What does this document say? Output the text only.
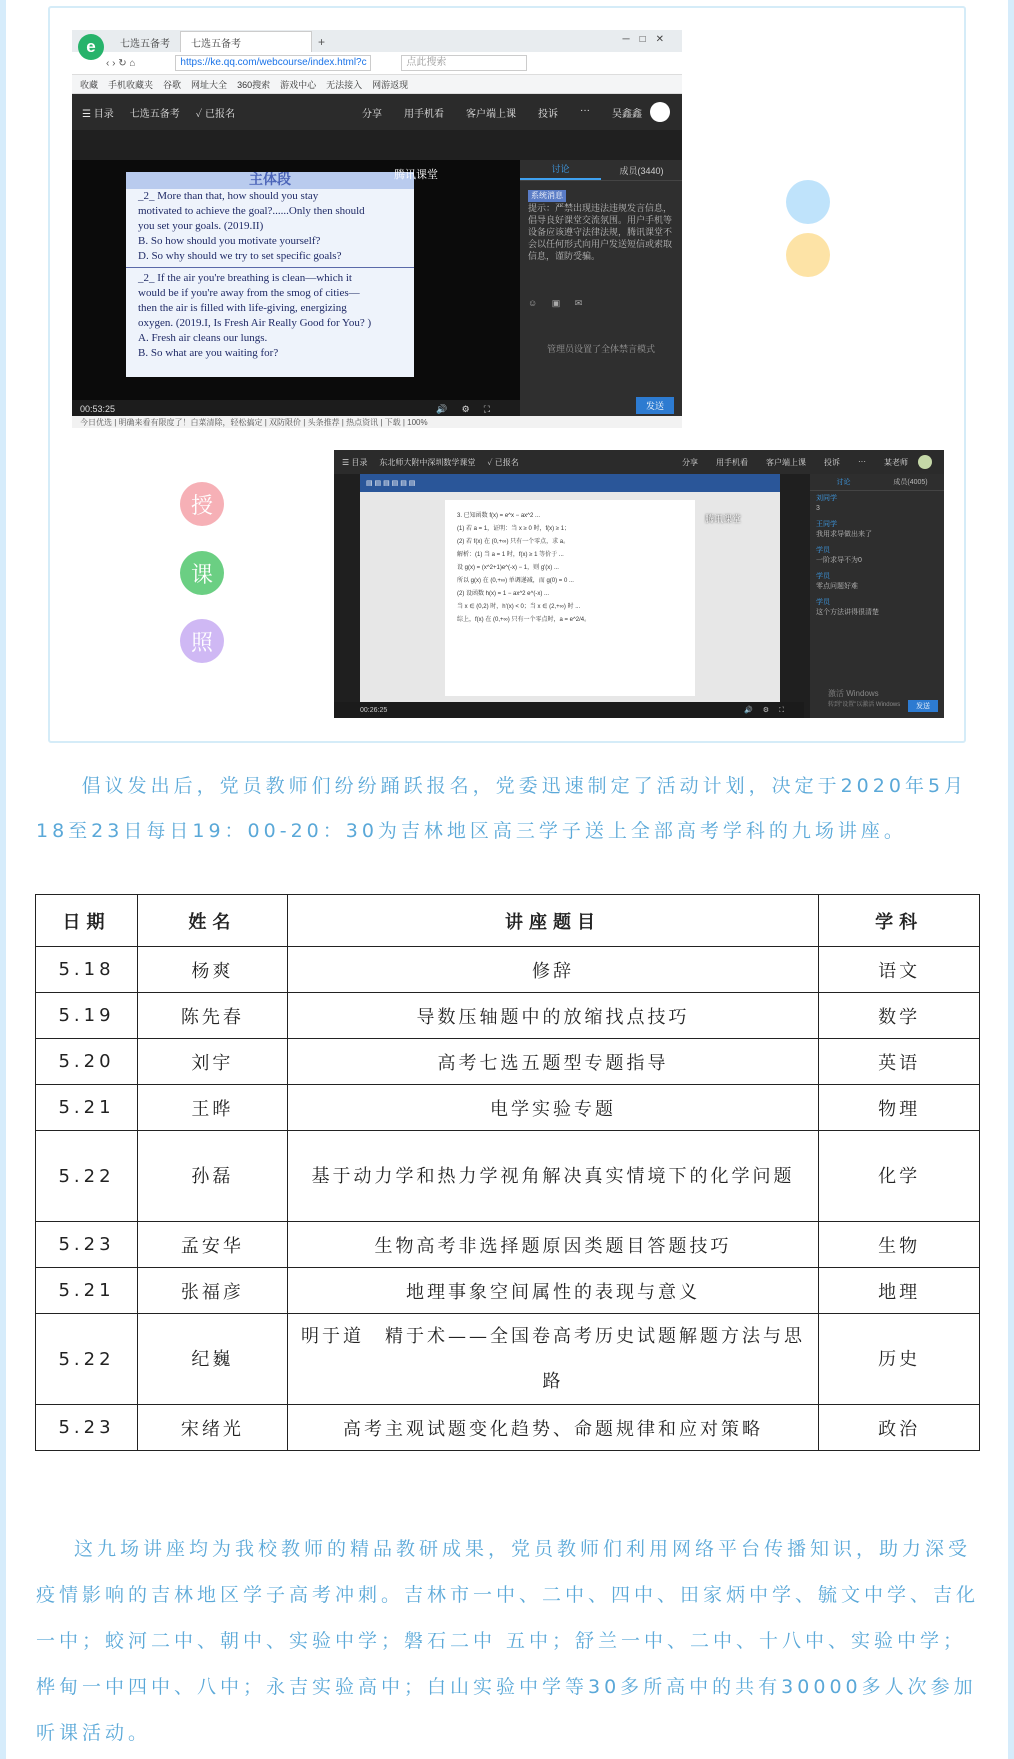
e	七选五备考	七选五备考	+	─□✕
‹ › ↻ ⌂	https://ke.qq.com/webcourse/index.html?c	点此搜索
收藏 手机收藏夹 谷歌 网址大全 360搜索 游戏中心 无法接入 网游返现
☰ 目录 七选五备考 ✓ 已报名	分享 用手机看 客户端上课 投诉 ··· 吴鑫鑫
主体段

_2_ More than that, how should you stay

motivated to achieve the goal?......Only then should

you set your goals. (2019.II)

B. So how should you motivate yourself?

D. So why should we try to set specific goals?

_2_ If the air you're breathing is clean—which it

would be if you're away from the smog of cities—

then the air is filled with life-giving, energizing

oxygen. (2019.I, Is Fresh Air Really Good for You? )

A. Fresh air cleans our lungs.

B. So what are you waiting for?

腾讯课堂
00:53:25	🔊⚙⛶
讨论	成员(3440)
系统消息
提示：严禁出现违法违规发言信息，倡导良好课堂交流氛围。用户手机等设备应该遵守法律法规，腾讯课堂不会以任何形式向用户发送短信或索取信息，谨防受骗。
☺ ▣ ✉
管理员设置了全体禁言模式
发送
今日优选 | 明确来看有限度了！白菜清除，轻松搞定 | 双防限价 | 头条推荐 | 热点资讯 | 下载 | 100%
☰ 目录 东北师大附中深圳数学课堂 ✓ 已报名	分享 用手机看 客户端上课 投诉 ··· 某老师
▤ ▤ ▤ ▤ ▤ ▤
3. 已知函数 f(x) = e^x − ax^2 ...
(1) 若 a = 1，证明：当 x ≥ 0 时，f(x) ≥ 1；
(2) 若 f(x) 在 (0,+∞) 只有一个零点，求 a。
解析：(1) 当 a = 1 时，f(x) ≥ 1 等价于 ...
设 g(x) = (x^2+1)e^(-x) − 1，则 g'(x) ...
所以 g(x) 在 (0,+∞) 单调递减，而 g(0) = 0 ...
(2) 设函数 h(x) = 1 − ax^2 e^(-x) ...
当 x ∈ (0,2) 时，h'(x) < 0；当 x ∈ (2,+∞) 时 ...
综上，f(x) 在 (0,+∞) 只有一个零点时，a = e^2/4。
腾讯课堂
00:26:25	🔊⚙⛶
讨论	成员(4005)
刘同学
3
王同学
我用求导做出来了
学员
一阶求导不为0
学员
零点问题好难
学员
这个方法讲得很清楚
激活 Windows
转到"设置"以激活 Windows	发送
授
课
照

倡议发出后，党员教师们纷纷踊跃报名，党委迅速制定了活动计划，决定于2020年5月18至23日每日19：00-20：30为吉林地区高三学子送上全部高考学科的九场讲座。

日期	姓名	讲座题目	学科
5.18	杨爽	修辞	语文
5.19	陈先春	导数压轴题中的放缩找点技巧	数学
5.20	刘宇	高考七选五题型专题指导	英语
5.21	王晔	电学实验专题	物理
5.22	孙磊	基于动力学和热力学视角解决真实情境下的化学问题	化学
5.23	孟安华	生物高考非选择题原因类题目答题技巧	生物
5.21	张福彦	地理事象空间属性的表现与意义	地理
5.22	纪巍	明于道　精于术——全国卷高考历史试题解题方法与思路	历史
5.23	宋绪光	高考主观试题变化趋势、命题规律和应对策略	政治

这九场讲座均为我校教师的精品教研成果，党员教师们利用网络平台传播知识，助力深受疫情影响的吉林地区学子高考冲刺。吉林市一中、二中、四中、田家炳中学、毓文中学、吉化一中；蛟河二中、朝中、实验中学；磐石二中 五中；舒兰一中、二中、十八中、实验中学；桦甸一中四中、八中；永吉实验高中；白山实验中学等30多所高中的共有30000多人次参加听课活动。
